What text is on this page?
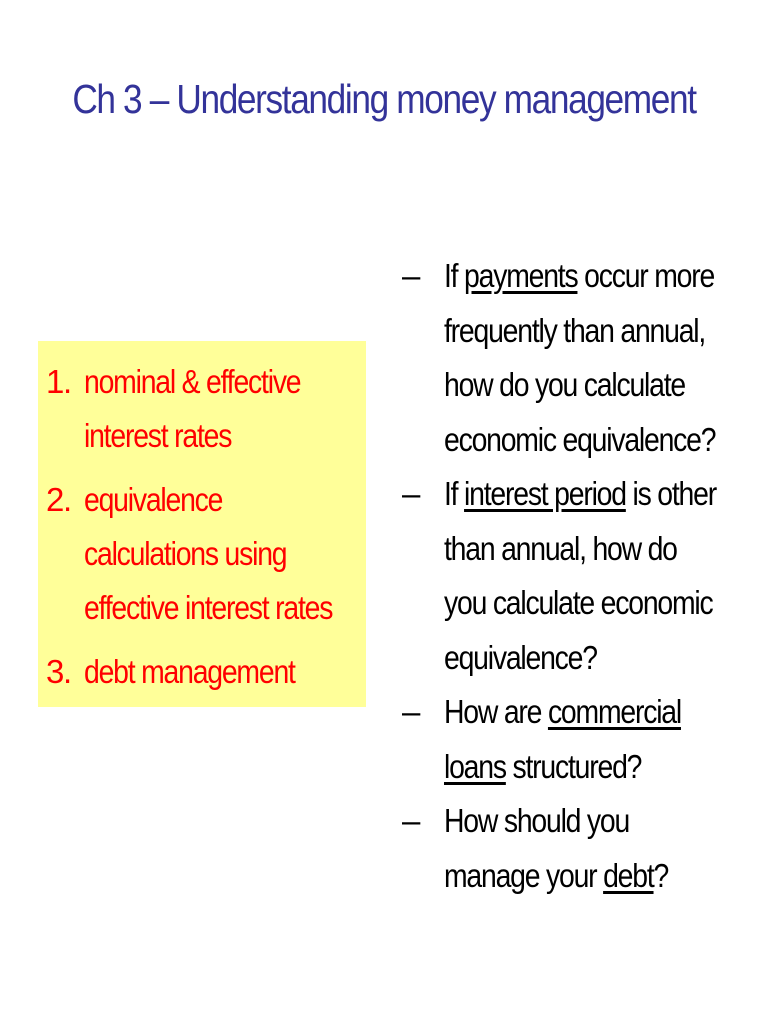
Ch 3 – Understanding money management
1. nominal & effective
interest rates
2. equivalence
calculations using
effective interest rates
3. debt management
– If payments occur more
frequently than annual,
how do you calculate
economic equivalence?
– If interest period is other
than annual, how do
you calculate economic
equivalence?
– How are commercial
loans structured?
– How should you
manage your debt?
